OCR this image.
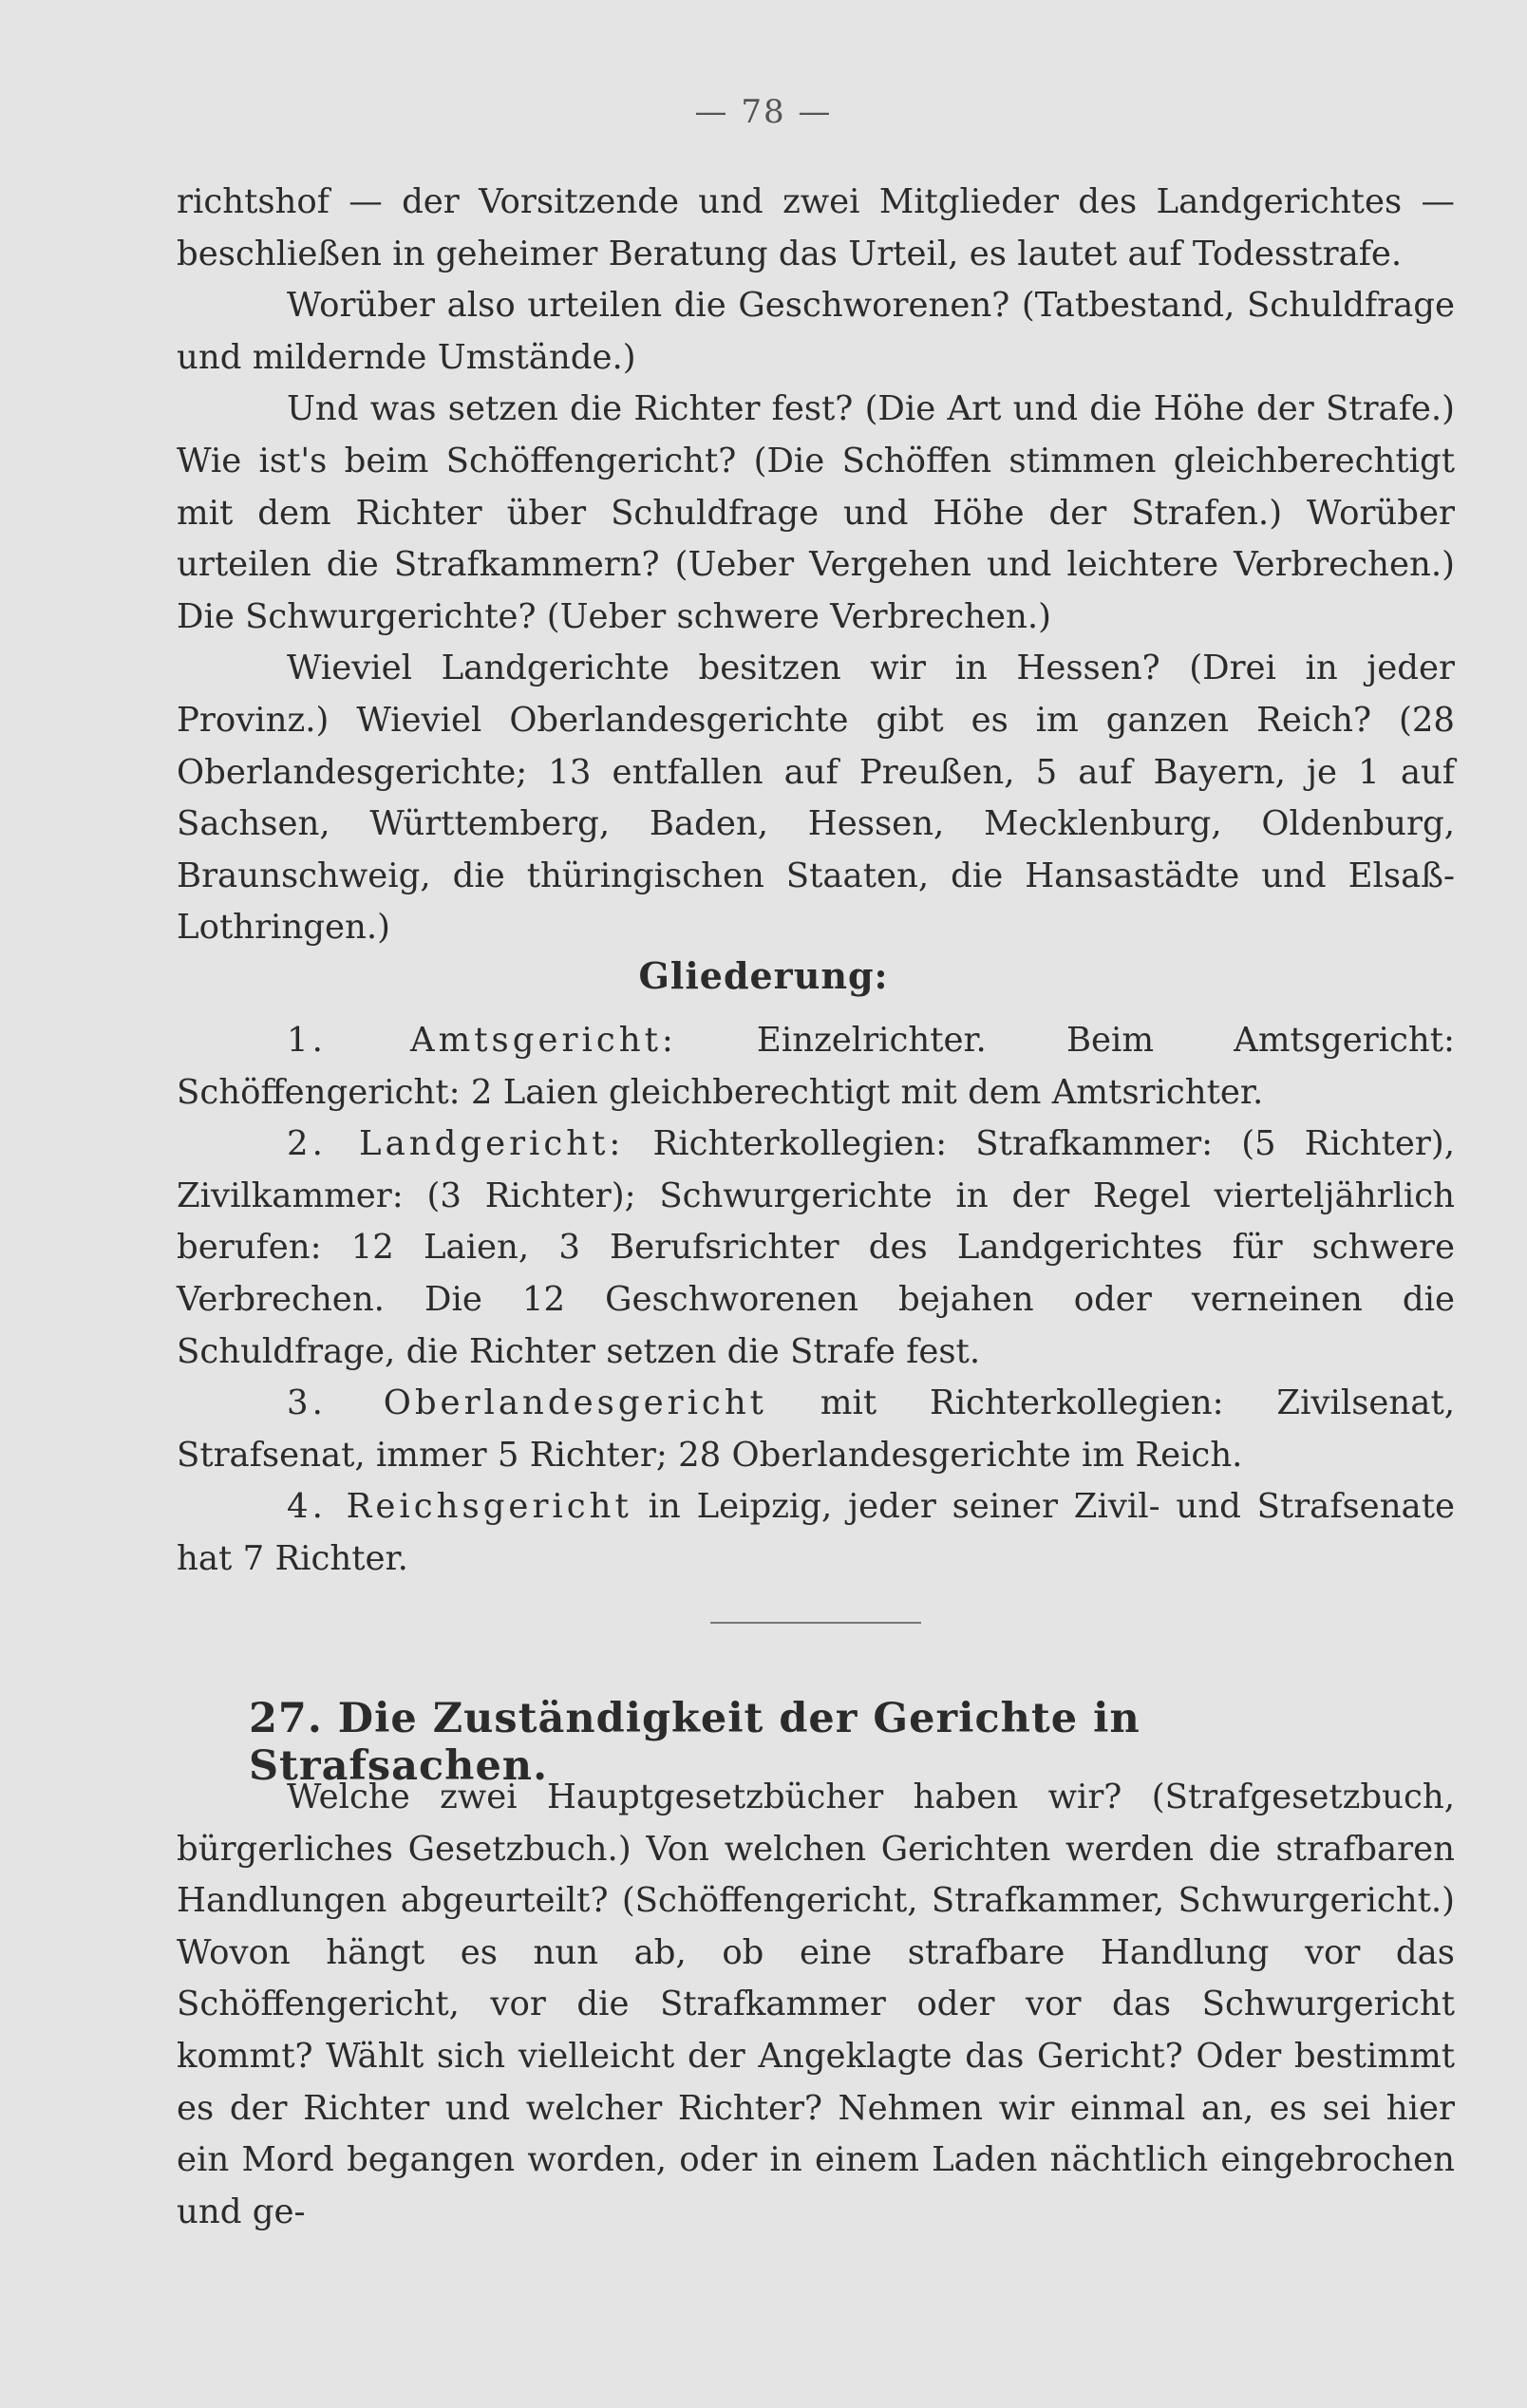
— 78 —

richtshof — der Vorsitzende und zwei Mitglieder des Landgerichtes — beschließen in geheimer Beratung das Urteil, es lautet auf Todesstrafe.

Worüber also urteilen die Geschworenen? (Tatbestand, Schuldfrage und mildernde Umstände.)

Und was setzen die Richter fest? (Die Art und die Höhe der Strafe.) Wie ist's beim Schöffengericht? (Die Schöffen stimmen gleichberechtigt mit dem Richter über Schuldfrage und Höhe der Strafen.) Worüber urteilen die Strafkammern? (Ueber Vergehen und leichtere Verbrechen.) Die Schwurgerichte? (Ueber schwere Verbrechen.)

Wieviel Landgerichte besitzen wir in Hessen? (Drei in jeder Provinz.) Wieviel Oberlandesgerichte gibt es im ganzen Reich? (28 Oberlandesgerichte; 13 entfallen auf Preußen, 5 auf Bayern, je 1 auf Sachsen, Württemberg, Baden, Hessen, Mecklenburg, Oldenburg, Braunschweig, die thüringischen Staaten, die Hansastädte und Elsaß-Lothringen.)

Gliederung:

1. Amtsgericht: Einzelrichter. Beim Amtsgericht: Schöffengericht: 2 Laien gleichberechtigt mit dem Amtsrichter.

2. Landgericht: Richterkollegien: Strafkammer: (5 Richter), Zivilkammer: (3 Richter); Schwurgerichte in der Regel vierteljährlich berufen: 12 Laien, 3 Berufsrichter des Landgerichtes für schwere Verbrechen. Die 12 Geschworenen bejahen oder verneinen die Schuldfrage, die Richter setzen die Strafe fest.

3. Oberlandesgericht mit Richterkollegien: Zivilsenat, Strafsenat, immer 5 Richter; 28 Oberlandesgerichte im Reich.

4. Reichsgericht in Leipzig, jeder seiner Zivil- und Strafsenate hat 7 Richter.

27. Die Zuständigkeit der Gerichte in Strafsachen.

Welche zwei Hauptgesetzbücher haben wir? (Strafgesetzbuch, bürgerliches Gesetzbuch.) Von welchen Gerichten werden die strafbaren Handlungen abgeurteilt? (Schöffengericht, Strafkammer, Schwurgericht.) Wovon hängt es nun ab, ob eine strafbare Handlung vor das Schöffengericht, vor die Strafkammer oder vor das Schwurgericht kommt? Wählt sich vielleicht der Angeklagte das Gericht? Oder bestimmt es der Richter und welcher Richter? Nehmen wir einmal an, es sei hier ein Mord begangen worden, oder in einem Laden nächtlich eingebrochen und ge-
